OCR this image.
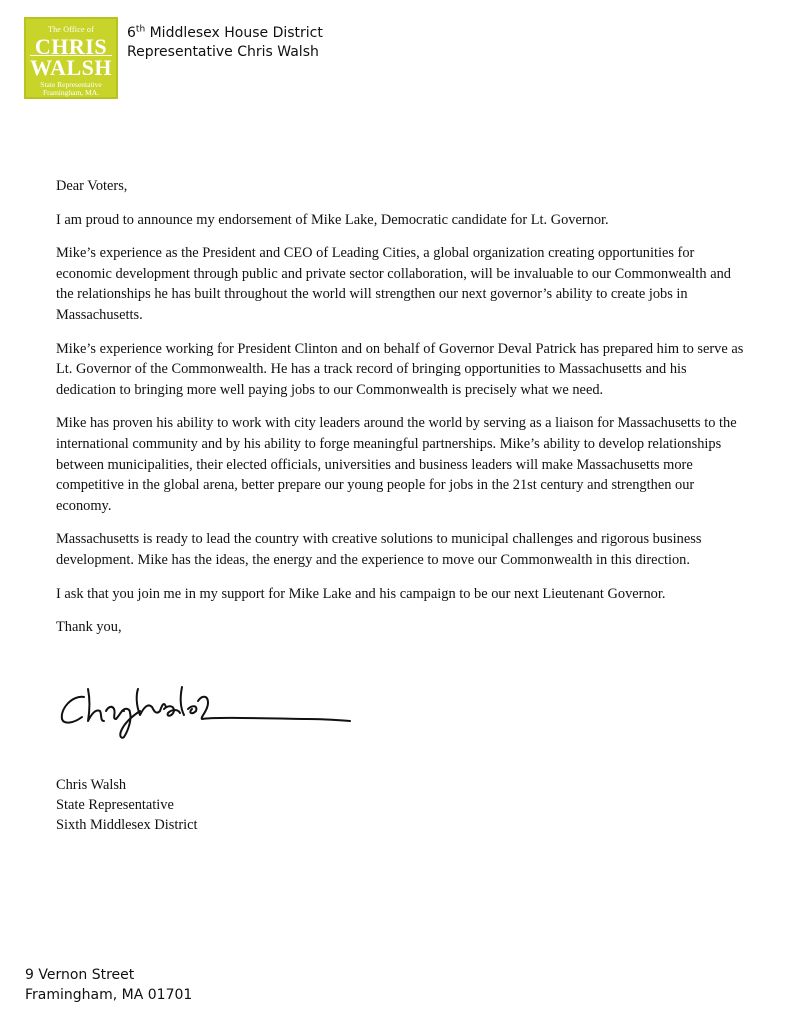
The Office of
CHRIS
WALSH
State Representative
Framingham, MA.
6th Middlesex House District
Representative Chris Walsh

Dear Voters,

I am proud to announce my endorsement of Mike Lake, Democratic candidate for Lt. Governor.

Mike’s experience as the President and CEO of Leading Cities, a global organization creating opportunities for economic development through public and private sector collaboration, will be invaluable to our Commonwealth and the relationships he has built throughout the world will strengthen our next governor’s ability to create jobs in Massachusetts.

Mike’s experience working for President Clinton and on behalf of Governor Deval Patrick has prepared him to serve as Lt. Governor of the Commonwealth. He has a track record of bringing opportunities to Massachusetts and his dedication to bringing more well paying jobs to our Commonwealth is precisely what we need.

Mike has proven his ability to work with city leaders around the world by serving as a liaison for Massachusetts to the international community and by his ability to forge meaningful partnerships. Mike’s ability to develop relationships between municipalities, their elected officials, universities and business leaders will make Massachusetts more competitive in the global arena, better prepare our young people for jobs in the 21st century and strengthen our economy.

Massachusetts is ready to lead the country with creative solutions to municipal challenges and rigorous business development. Mike has the ideas, the energy and the experience to move our Commonwealth in this direction.

I ask that you join me in my support for Mike Lake and his campaign to be our next Lieutenant Governor.

Thank you,

Chris Walsh
State Representative
Sixth Middlesex District
9 Vernon Street
Framingham, MA 01701
